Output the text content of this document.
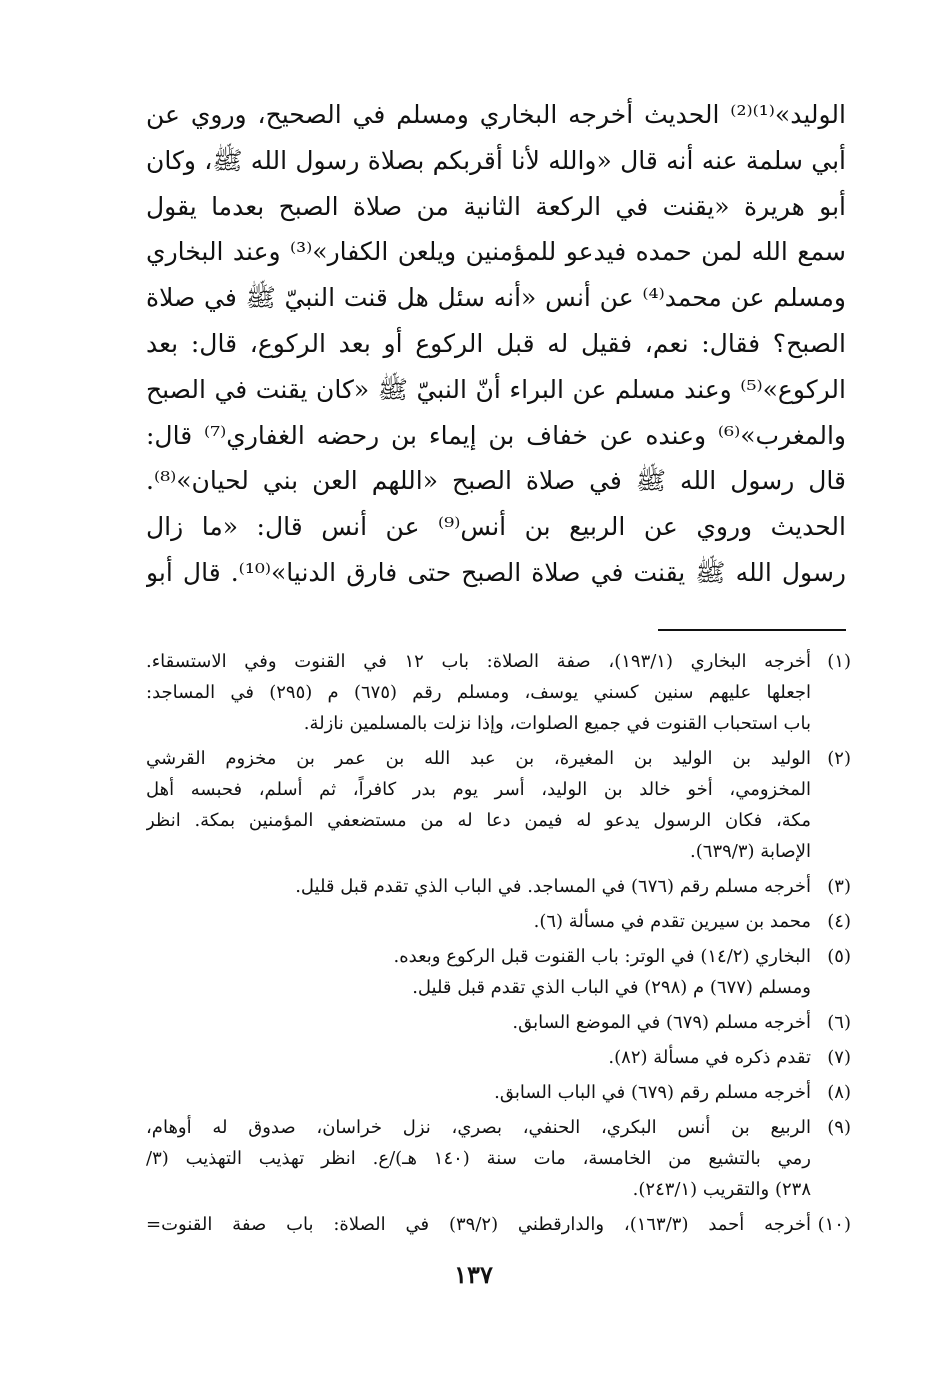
الوليد»⁽¹⁾⁽²⁾ الحديث أخرجه البخاري ومسلم في الصحيح، وروي عن
أبي سلمة عنه أنه قال «والله لأنا أقربكم بصلاة رسول الله ﷺ، وكان
أبو هريرة «يقنت في الركعة الثانية من صلاة الصبح بعدما يقول
سمع الله لمن حمده فيدعو للمؤمنين ويلعن الكفار»⁽³⁾ وعند البخاري
ومسلم عن محمد⁽⁴⁾ عن أنس «أنه سئل هل قنت النبيّ ﷺ في صلاة
الصبح؟ فقال: نعم، فقيل له قبل الركوع أو بعد الركوع، قال: بعد
الركوع»⁽⁵⁾ وعند مسلم عن البراء أنّ النبيّ ﷺ «كان يقنت في الصبح
والمغرب»⁽⁶⁾ وعنده عن خفاف بن إيماء بن رحضه الغفاري⁽⁷⁾ قال:
قال رسول الله ﷺ في صلاة الصبح «اللهم العن بني لحيان»⁽⁸⁾.
الحديث وروي عن الربيع بن أنس⁽⁹⁾ عن أنس قال: «ما زال
رسول الله ﷺ يقنت في صلاة الصبح حتى فارق الدنيا»⁽¹⁰⁾. قال أبو
(١)
أخرجه البخاري (١٩٣/١)، صفة الصلاة: باب ١٢ في القنوت وفي الاستسقاء.
اجعلها عليهم سنين كسني يوسف، ومسلم رقم (٦٧٥) م (٢٩٥) في المساجد:
باب استحباب القنوت في جميع الصلوات، وإذا نزلت بالمسلمين نازلة.
(٢)
الوليد بن الوليد بن المغيرة، بن عبد الله بن عمر بن مخزوم القرشي
المخزومي، أخو خالد بن الوليد، أسر يوم بدر كافراً، ثم أسلم، فحبسه أهل
مكة، فكان الرسول يدعو له فيمن دعا له من مستضعفي المؤمنين بمكة. انظر
الإصابة (٦٣٩/٣).
(٣)
أخرجه مسلم رقم (٦٧٦) في المساجد. في الباب الذي تقدم قبل قليل.
(٤)
محمد بن سيرين تقدم في مسألة (٦).
(٥)
البخاري (١٤/٢) في الوتر: باب القنوت قبل الركوع وبعده.
ومسلم (٦٧٧) م (٢٩٨) في الباب الذي تقدم قبل قليل.
(٦)
أخرجه مسلم (٦٧٩) في الموضع السابق.
(٧)
تقدم ذكره في مسألة (٨٢).
(٨)
أخرجه مسلم رقم (٦٧٩) في الباب السابق.
(٩)
الربيع بن أنس البكري، الحنفي، بصري، نزل خراسان، صدوق له أوهام،
رمي بالتشيع من الخامسة، مات سنة (١٤٠ هـ)/ع. انظر تهذيب التهذيب (٣/
٢٣٨) والتقريب (٢٤٣/١).
(١٠)
أخرجه أحمد (١٦٣/٣)، والدارقطني (٣٩/٢) في الصلاة: باب صفة القنوت=
١٣٧
